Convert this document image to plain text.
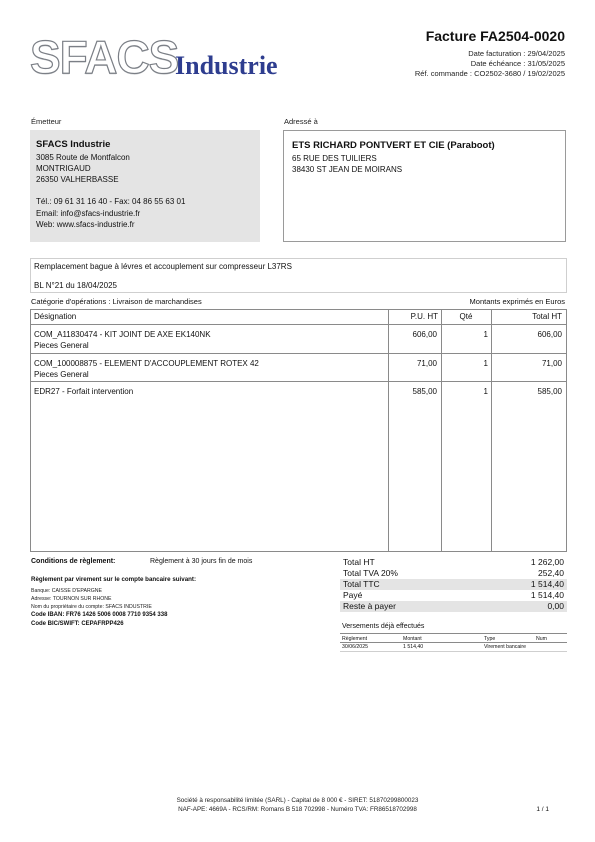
SFACS
Industrie
Facture FA2504-0020
Date facturation : 29/04/2025
Date échéance : 31/05/2025
Réf. commande : CO2502-3680 / 19/02/2025
Émetteur	Adressé à
SFACS Industrie
3085 Route de Montfalcon
MONTRIGAUD
26350 VALHERBASSE
Tél.: 09 61 31 16 40 - Fax: 04 86 55 63 01
Email: info@sfacs-industrie.fr
Web: www.sfacs-industrie.fr
ETS RICHARD PONTVERT ET CIE (Paraboot)
65 RUE DES TUILIERS
38430 ST JEAN DE MOIRANS
Remplacement bague à lévres et accouplement sur compresseur L37RS
BL N°21 du 18/04/2025
Catégorie d'opérations : Livraison de marchandises	Montants exprimés en Euros
Désignation	P.U. HT	Qté	Total HT
COM_A11830474 - KIT JOINT DE AXE EK140NK
Pieces General
606,00	1	606,00
COM_100008875 - ELEMENT D'ACCOUPLEMENT ROTEX 42
Pieces General
71,00	1	71,00
EDR27 - Forfait intervention	585,00	1	585,00
Conditions de règlement:	Règlement à 30 jours fin de mois
Règlement par virement sur le compte bancaire suivant:
Banque: CAISSE D'EPARGNE
Adresse: TOURNON SUR RHONE
Nom du propriétaire du compte: SFACS INDUSTRIE
Code IBAN: FR76 1426 5006 0008 7710 9354 338
Code BIC/SWIFT: CEPAFRPP426
Total HT	1 262,00
Total TVA 20%	252,40
Total TTC	1 514,40
Payé	1 514,40
Reste à payer	0,00
Versements déjà effectués
Règlement	Montant	Type	Num
30/06/2025	1 514,40	Virement bancaire
Société à responsabilité limitée (SARL) - Capital de 8 000 € - SIRET: 51870299800023
NAF-APE: 4669A - RCS/RM: Romans B 518 702998 - Numéro TVA: FR86518702998	1 / 1
